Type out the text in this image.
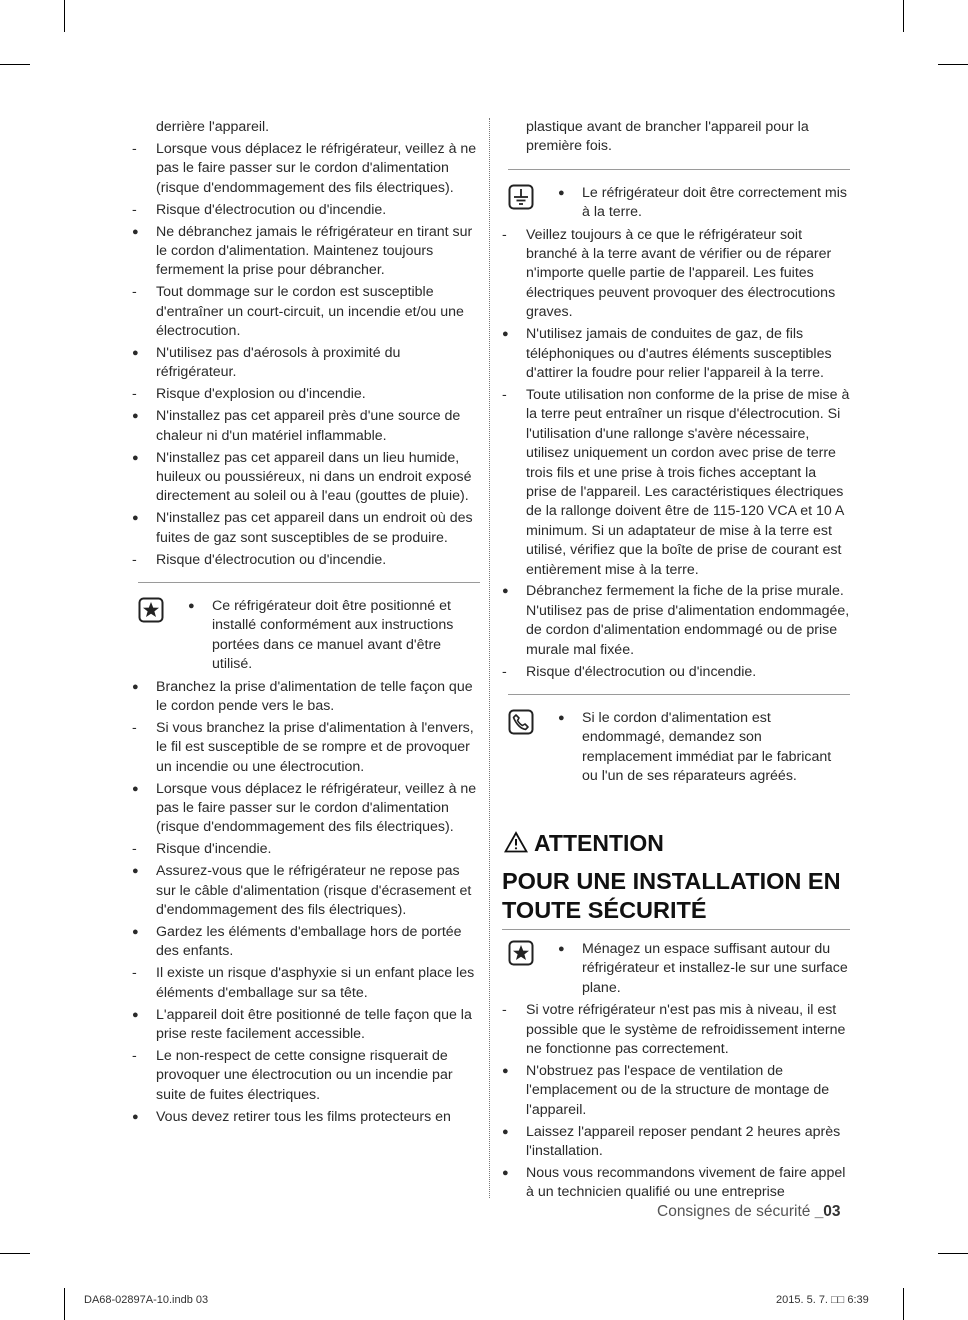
derrière l'appareil.
-	Lorsque vous déplacez le réfrigérateur, veillez à ne pas le faire passer sur le cordon d'alimentation (risque d'endommagement des fils électriques).
-	Risque d'électrocution ou d'incendie.
●	Ne débranchez jamais le réfrigérateur en tirant sur le cordon d'alimentation. Maintenez toujours fermement la prise pour débrancher.
-	Tout dommage sur le cordon est susceptible d'entraîner un court-circuit, un incendie et/ou une électrocution.
●	N'utilisez pas d'aérosols à proximité du réfrigérateur.
-	Risque d'explosion ou d'incendie.
●	N'installez pas cet appareil près d'une source de chaleur ni d'un matériel inflammable.
●	N'installez pas cet appareil dans un lieu humide, huileux ou poussiéreux, ni dans un endroit exposé directement au soleil ou à l'eau (gouttes de pluie).
●	N'installez pas cet appareil dans un endroit où des fuites de gaz sont susceptibles de se produire.
-	Risque d'électrocution ou d'incendie.
● Ce réfrigérateur doit être positionné et installé conformément aux instructions portées dans ce manuel avant d'être utilisé.
●	Branchez la prise d'alimentation de telle façon que le cordon pende vers le bas.
-	Si vous branchez la prise d'alimentation à l'envers, le fil est susceptible de se rompre et de provoquer un incendie ou une électrocution.
●	Lorsque vous déplacez le réfrigérateur, veillez à ne pas le faire passer sur le cordon d'alimentation (risque d'endommagement des fils électriques).
-	Risque d'incendie.
●	Assurez-vous que le réfrigérateur ne repose pas sur le câble d'alimentation (risque d'écrasement et d'endommagement des fils électriques).
●	Gardez les éléments d'emballage hors de portée des enfants.
-	Il existe un risque d'asphyxie si un enfant place les éléments d'emballage sur sa tête.
●	L'appareil doit être positionné de telle façon que la prise reste facilement accessible.
-	Le non-respect de cette consigne risquerait de provoquer une électrocution ou un incendie par suite de fuites électriques.
●	Vous devez retirer tous les films protecteurs en
plastique avant de brancher l'appareil pour la première fois.
● Le réfrigérateur doit être correctement mis à la terre.
-	Veillez toujours à ce que le réfrigérateur soit branché à la terre avant de vérifier ou de réparer n'importe quelle partie de l'appareil. Les fuites électriques peuvent provoquer des électrocutions graves.
●	N'utilisez jamais de conduites de gaz, de fils téléphoniques ou d'autres éléments susceptibles d'attirer la foudre pour relier l'appareil à la terre.
-	Toute utilisation non conforme de la prise de mise à la terre peut entraîner un risque d'électrocution. Si l'utilisation d'une rallonge s'avère nécessaire, utilisez uniquement un cordon avec prise de terre trois fils et une prise à trois fiches acceptant la prise de l'appareil. Les caractéristiques électriques de la rallonge doivent être de 115-120 VCA et 10 A minimum. Si un adaptateur de mise à la terre est utilisé, vérifiez que la boîte de prise de courant est entièrement mise à la terre.
●	Débranchez fermement la fiche de la prise murale. N'utilisez pas de prise d'alimentation endommagée, de cordon d'alimentation endommagé ou de prise murale mal fixée.
-	Risque d'électrocution ou d'incendie.
● Si le cordon d'alimentation est endommagé, demandez son remplacement immédiat par le fabricant ou l'un de ses réparateurs agréés.
ATTENTION
POUR UNE INSTALLATION EN TOUTE SÉCURITÉ
● Ménagez un espace suffisant autour du réfrigérateur et installez-le sur une surface plane.
-	Si votre réfrigérateur n'est pas mis à niveau, il est possible que le système de refroidissement interne ne fonctionne pas correctement.
●	N'obstruez pas l'espace de ventilation de l'emplacement ou de la structure de montage de l'appareil.
●	Laissez l'appareil reposer pendant 2 heures après l'installation.
●	Nous vous recommandons vivement de faire appel à un technicien qualifié ou une entreprise
Consignes de sécurité _03
DA68-02897A-10.indb 03	2015. 5. 7. □□ 6:39
